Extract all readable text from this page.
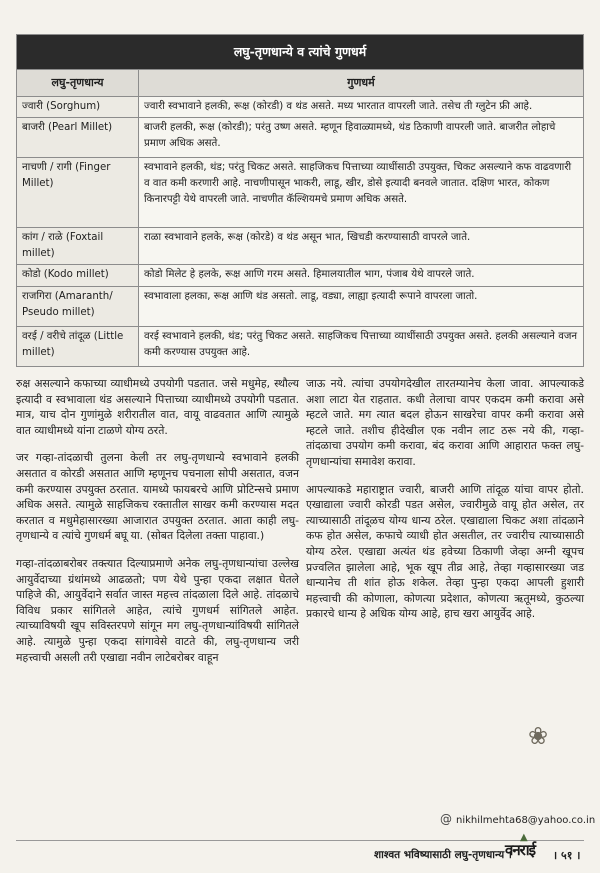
लघु-तृणधान्ये व त्यांचे गुणधर्म	
लघु-तृणधान्य	गुणधर्म
ज्वारी (Sorghum)	ज्वारी स्वभावाने हलकी, रूक्ष (कोरडी) व थंड असते. मध्य भारतात वापरली जाते. तसेच ती ग्लुटेन फ्री आहे.
बाजरी (Pearl Millet)	बाजरी हलकी, रूक्ष (कोरडी); परंतु उष्ण असते. म्हणून हिवाळ्यामध्ये, थंड ठिकाणी वापरली जाते. बाजरीत लोहाचे प्रमाण अधिक असते.
नाचणी / रागी (Finger Millet)	स्वभावाने हलकी, थंड; परंतु चिकट असते. साहजिकच पित्ताच्या व्याधींसाठी उपयुक्त, चिकट असल्याने कफ वाढवणारी व वात कमी करणारी आहे. नाचणीपासून भाकरी, लाडू, खीर, डोसे इत्यादी बनवले जातात. दक्षिण भारत, कोकण किनारपट्टी येथे वापरली जाते. नाचणीत कॅल्शियमचे प्रमाण अधिक असते.
कांग / राळे (Foxtail millet)	राळा स्वभावाने हलके, रूक्ष (कोरडे) व थंड असून भात, खिचडी करण्यासाठी वापरले जाते.
कोडो (Kodo millet)	कोडो मिलेट हे हलके, रूक्ष आणि गरम असते. हिमालयातील भाग, पंजाब येथे वापरले जाते.
राजगिरा (Amaranth/ Pseudo millet)	स्वभावाला हलका, रूक्ष आणि थंड असतो. लाडू, वड्या, लाह्या इत्यादी रूपाने वापरला जातो.
वरई / वरीचे तांदूळ (Little millet)	वरई स्वभावाने हलकी, थंड; परंतु चिकट असते. साहजिकच पित्ताच्या व्याधींसाठी उपयुक्त असते. हलकी असल्याने वजन कमी करण्यास उपयुक्त आहे.

रुक्ष असल्याने कफाच्या व्याधीमध्ये उपयोगी पडतात. जसे मधुमेह, स्थौल्य इत्यादी व स्वभावाला थंड असल्याने पित्ताच्या व्याधीमध्ये उपयोगी पडतात. मात्र, याच दोन गुणांमुळे शरीरातील वात, वायू वाढवतात आणि त्यामुळे वात व्याधीमध्ये यांना टाळणे योग्य ठरते.

जर गव्हा-तांदळाची तुलना केली तर लघु-तृणधान्ये स्वभावाने हलकी असतात व कोरडी असतात आणि म्हणूनच पचनाला सोपी असतात, वजन कमी करण्यास उपयुक्त ठरतात. यामध्ये फायबरचे आणि प्रोटिन्सचे प्रमाण अधिक असते. त्यामुळे साहजिकच रक्तातील साखर कमी करण्यास मदत करतात व मधुमेहासारख्या आजारात उपयुक्त ठरतात. आता काही लघु-तृणधान्ये व त्यांचे गुणधर्म बघू या. (सोबत दिलेला तक्ता पाहावा.)

गव्हा-तांदळाबरोबर तक्त्यात दिल्याप्रमाणे अनेक लघु-तृणधान्यांचा उल्लेख आयुर्वेदाच्या ग्रंथांमध्ये आढळतो; पण येथे पुन्हा एकदा लक्षात घेतले पाहिजे की, आयुर्वेदाने सर्वात जास्त महत्त्व तांदळाला दिले आहे. तांदळाचे विविध प्रकार सांगितले आहेत, त्यांचे गुणधर्म सांगितले आहेत. त्याच्याविषयी खूप सविस्तरपणे सांगून मग लघु-तृणधान्यांविषयी सांगितले आहे. त्यामुळे पुन्हा एकदा सांगावेसे वाटते की, लघु-तृणधान्य जरी महत्त्वाची असली तरी एखाद्या नवीन लाटेबरोबर वाहून

जाऊ नये. त्यांचा उपयोगदेखील तारतम्यानेच केला जावा. आपल्याकडे अशा लाटा येत राहतात. कधी तेलाचा वापर एकदम कमी करावा असे म्हटले जाते. मग त्यात बदल होऊन साखरेचा वापर कमी करावा असे म्हटले जाते. तशीच हीदेखील एक नवीन लाट ठरू नये की, गव्हा-तांदळाचा उपयोग कमी करावा, बंद करावा आणि आहारात फक्त लघु-तृणधान्यांचा समावेश करावा.

आपल्याकडे महाराष्ट्रात ज्वारी, बाजरी आणि तांदूळ यांचा वापर होतो. एखाद्याला ज्वारी कोरडी पडत असेल, ज्वारीमुळे वायू होत असेल, तर त्याच्यासाठी तांदूळच योग्य धान्य ठरेल. एखाद्याला चिकट अशा तांदळाने कफ होत असेल, कफाचे व्याधी होत असतील, तर ज्वारीच त्याच्यासाठी योग्य ठरेल. एखाद्या अत्यंत थंड हवेच्या ठिकाणी जेव्हा अग्नी खूपच प्रज्वलित झालेला आहे, भूक खूप तीव्र आहे, तेव्हा गव्हासारख्या जड धान्यानेच ती शांत होऊ शकेल. तेव्हा पुन्हा एकदा आपली हुशारी महत्त्वाची की कोणाला, कोणत्या प्रदेशात, कोणत्या ऋतूमध्ये, कुठल्या प्रकारचे धान्य हे अधिक योग्य आहे, हाच खरा आयुर्वेद आहे.

❀
@ nikhilmehta68@yahoo.co.in
शाश्वत भविष्यासाठी लघु-तृणधान्य ।
▲
वनराई । ५१ ।
